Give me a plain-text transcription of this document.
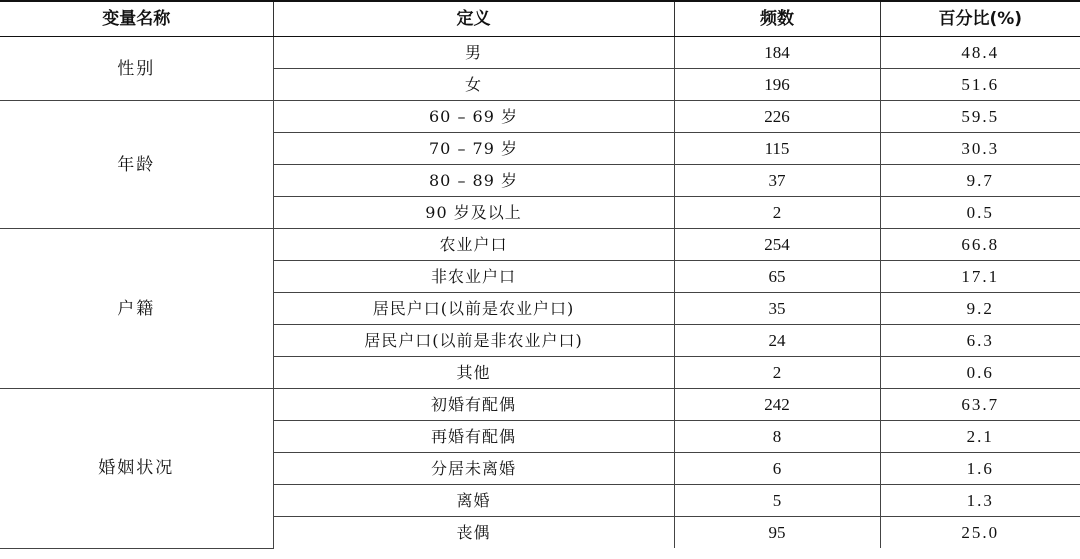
变量名称	定义	频数	百分比(%)
性别	男	184	48.4
	女	196	51.6
年龄	60 – 69 岁	226	59.5
	70 – 79 岁	115	30.3
	80 – 89 岁	37	9.7
	90 岁及以上	2	0.5
户籍	农业户口	254	66.8
	非农业户口	65	17.1
	居民户口(以前是农业户口)	35	9.2
	居民户口(以前是非农业户口)	24	6.3
	其他	2	0.6
婚姻状况	初婚有配偶	242	63.7
	再婚有配偶	8	2.1
	分居未离婚	6	1.6
	离婚	5	1.3
	丧偶	95	25.0
